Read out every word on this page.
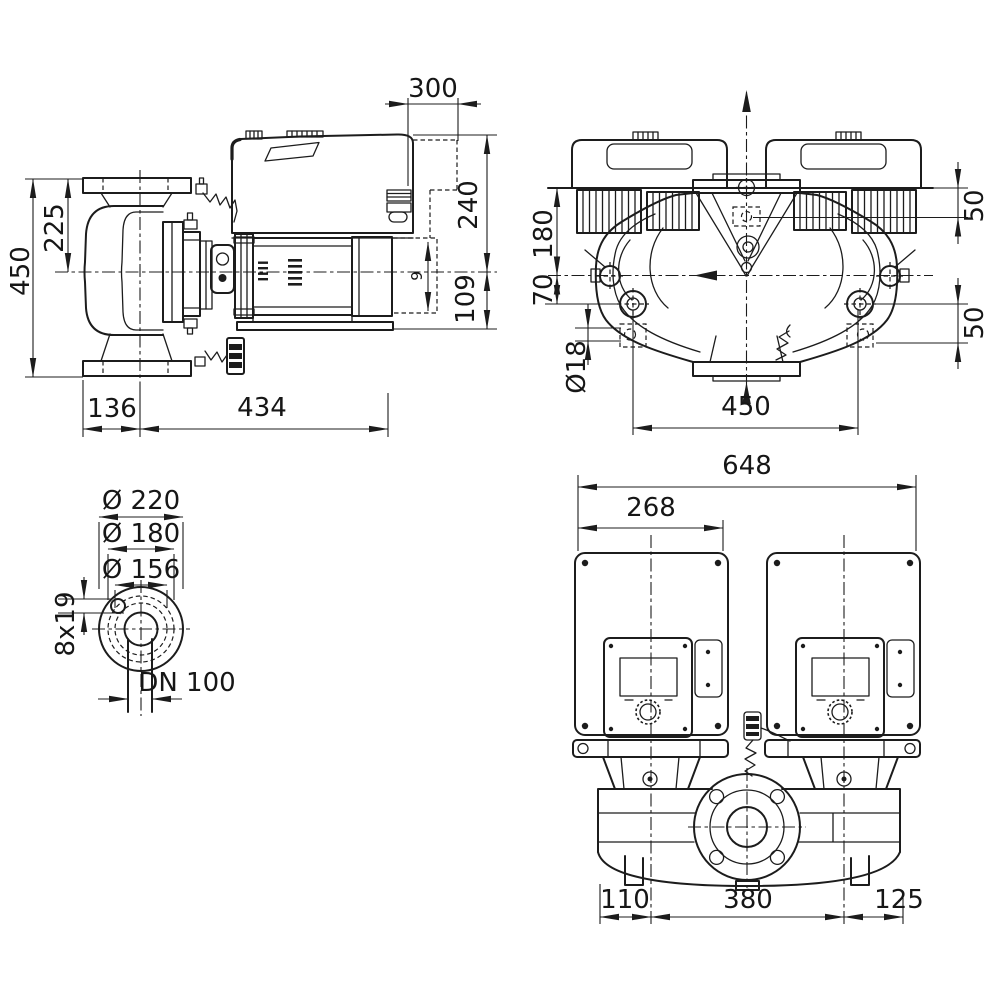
300
240
109
9
225
450
136	434
50
50
180
70
Ø18
450
Ø 220
Ø 180
Ø 156
8x19
DN 100
648
268
110	380	125
